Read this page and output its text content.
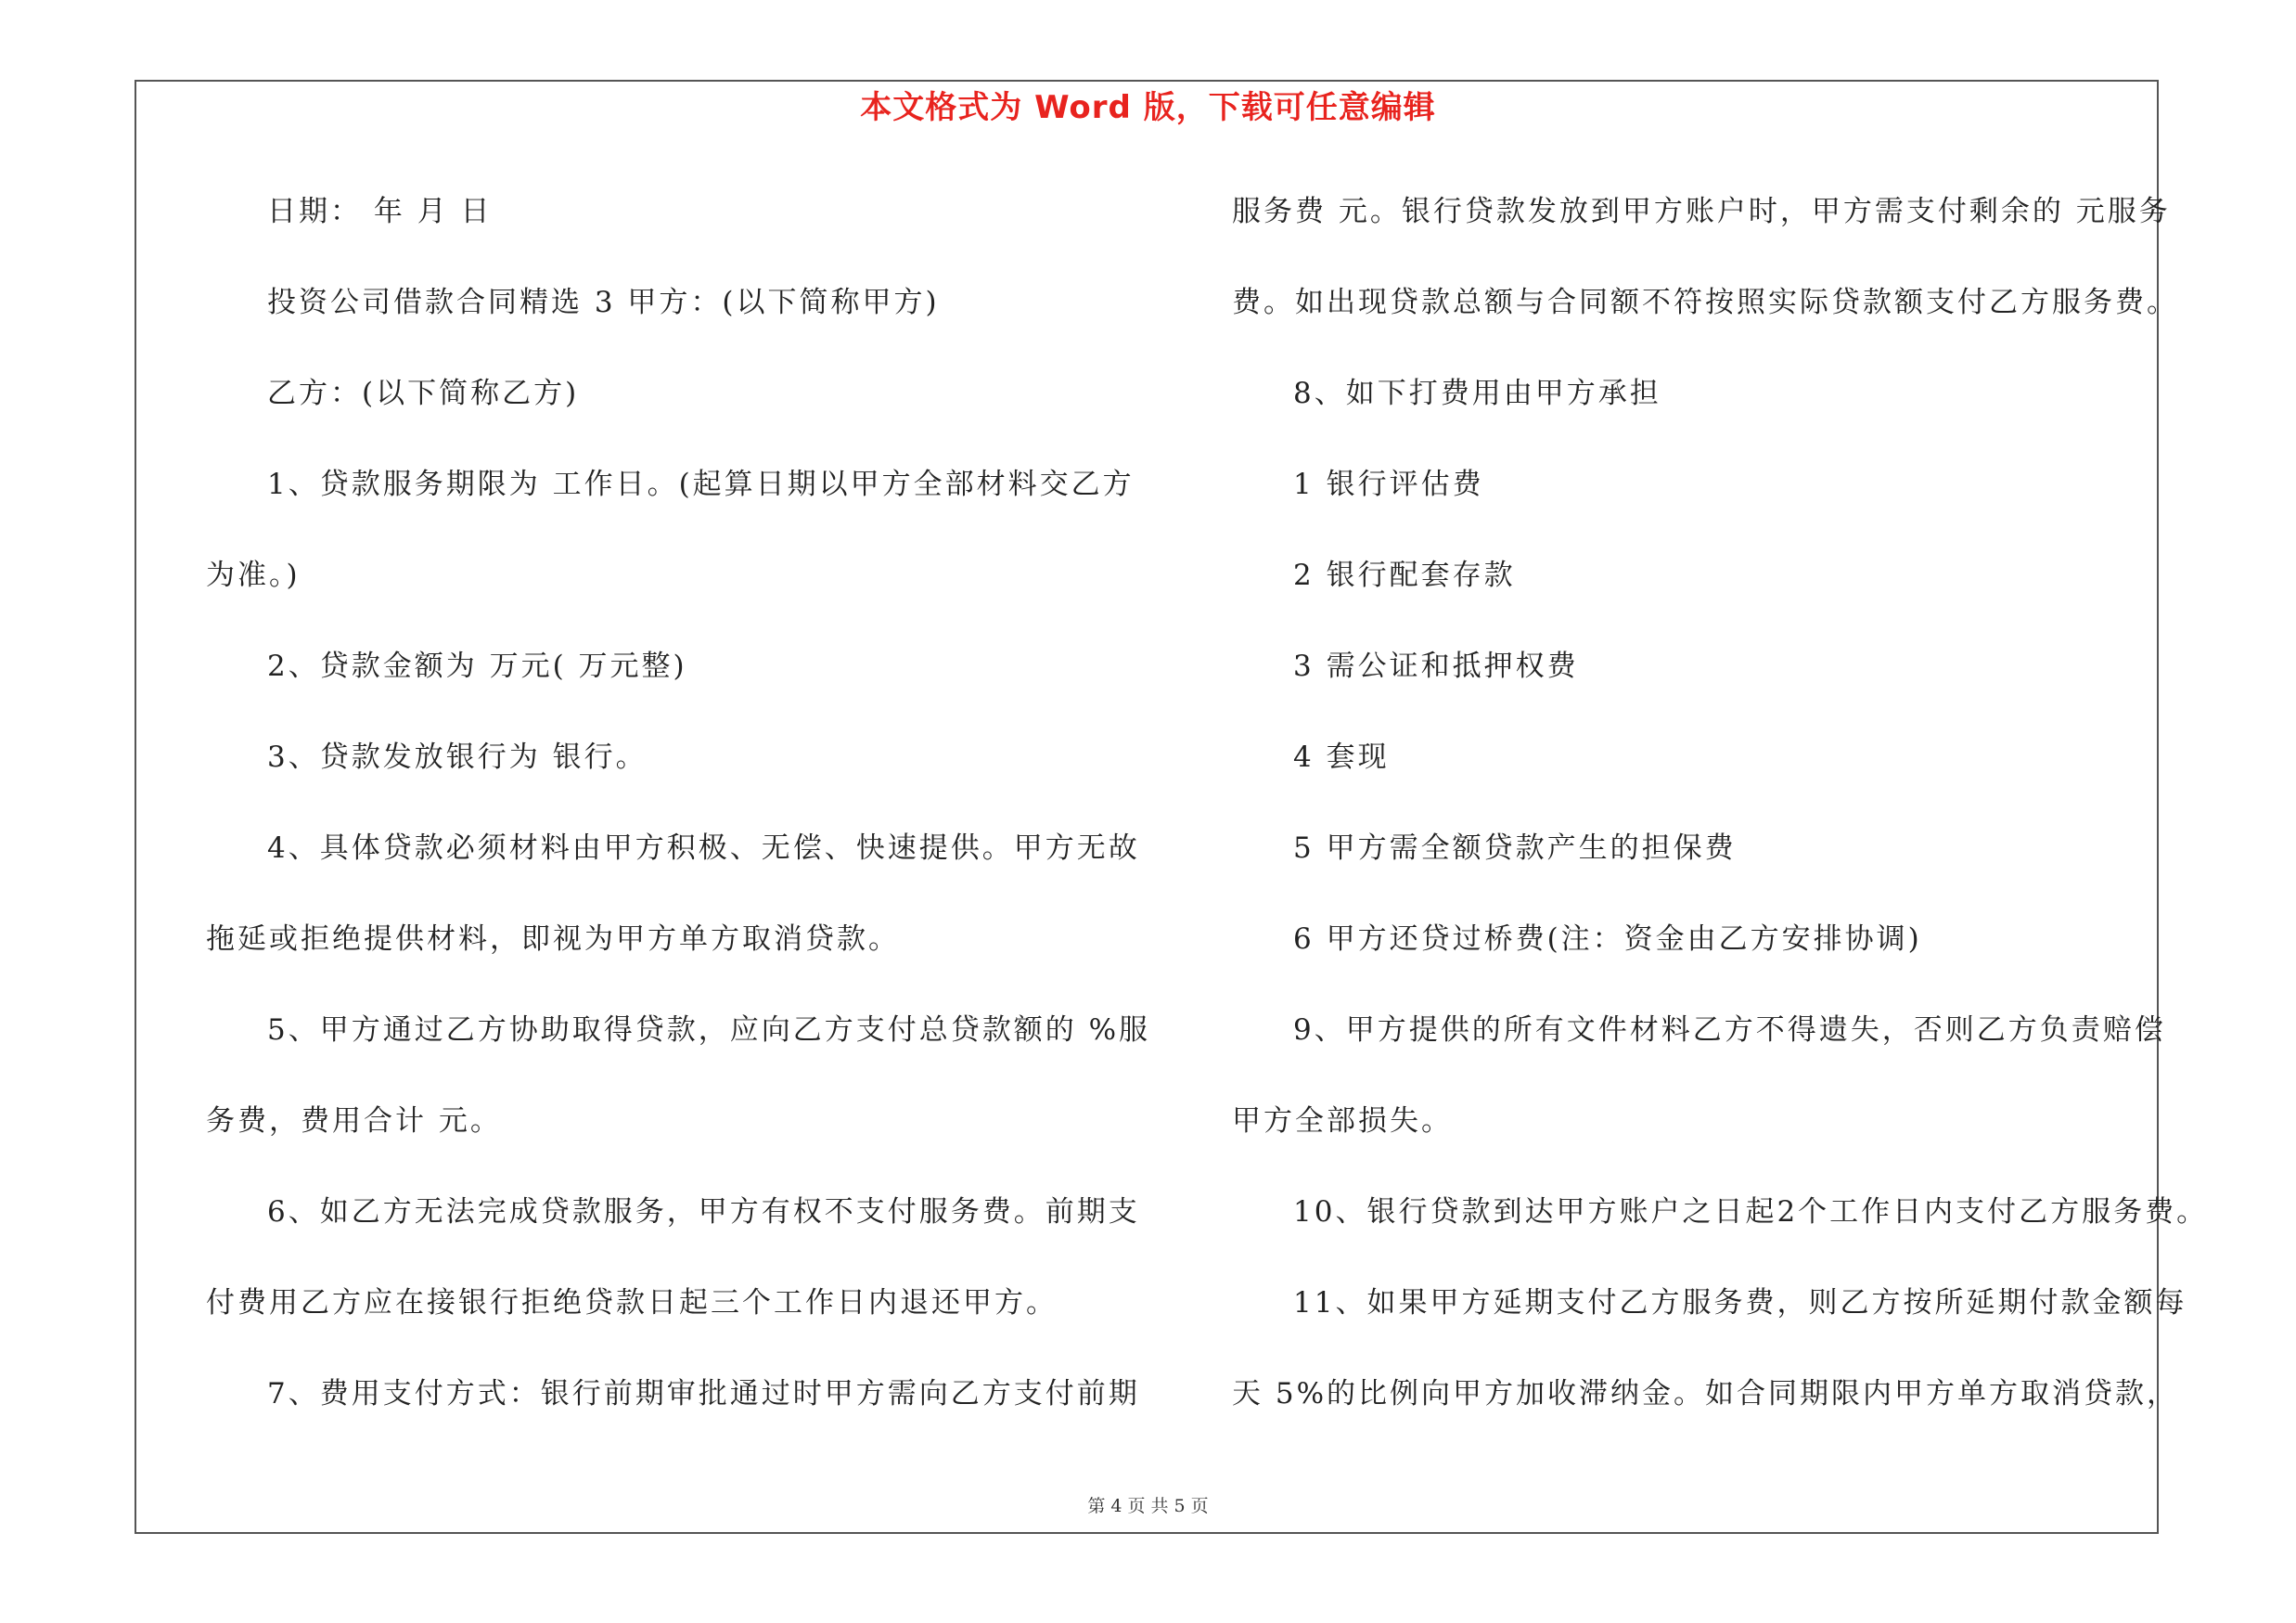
本文格式为 Word 版，下载可任意编辑
日期： 年 月 日
投资公司借款合同精选 3 甲方：(以下简称甲方)
乙方：(以下简称乙方)
1、贷款服务期限为 工作日。(起算日期以甲方全部材料交乙方
为准。)
2、贷款金额为 万元( 万元整)
3、贷款发放银行为 银行。
4、具体贷款必须材料由甲方积极、无偿、快速提供。甲方无故
拖延或拒绝提供材料，即视为甲方单方取消贷款。
5、甲方通过乙方协助取得贷款，应向乙方支付总贷款额的 %服
务费，费用合计 元。
6、如乙方无法完成贷款服务，甲方有权不支付服务费。前期支
付费用乙方应在接银行拒绝贷款日起三个工作日内退还甲方。
7、费用支付方式：银行前期审批通过时甲方需向乙方支付前期
服务费 元。银行贷款发放到甲方账户时，甲方需支付剩余的 元服务
费。如出现贷款总额与合同额不符按照实际贷款额支付乙方服务费。
8、如下打费用由甲方承担
1 银行评估费
2 银行配套存款
3 需公证和抵押权费
4 套现
5 甲方需全额贷款产生的担保费
6 甲方还贷过桥费(注：资金由乙方安排协调)
9、甲方提供的所有文件材料乙方不得遗失，否则乙方负责赔偿
甲方全部损失。
10、银行贷款到达甲方账户之日起2个工作日内支付乙方服务费。
11、如果甲方延期支付乙方服务费，则乙方按所延期付款金额每
天 5%的比例向甲方加收滞纳金。如合同期限内甲方单方取消贷款，
第 4 页 共 5 页
